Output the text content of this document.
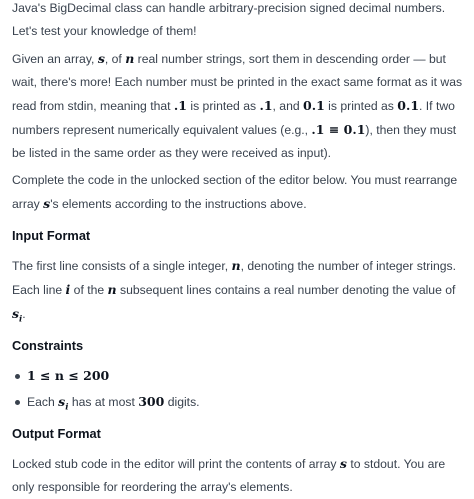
Java's BigDecimal class can handle arbitrary-precision signed decimal numbers. Let's test your knowledge of them!

Given an array, s, of n real number strings, sort them in descending order — but wait, there's more! Each number must be printed in the exact same format as it was read from stdin, meaning that .1 is printed as .1, and 0.1 is printed as 0.1. If two numbers represent numerically equivalent values (e.g., .1 ≡ 0.1), then they must be listed in the same order as they were received as input).

Complete the code in the unlocked section of the editor below. You must rearrange array s's elements according to the instructions above.

Input Format

The first line consists of a single integer, n, denoting the number of integer strings.
Each line i of the n subsequent lines contains a real number denoting the value of $s_i$.

Constraints
1 ≤ n ≤ 200
Each $s_i$ has at most 300 digits.
Output Format

Locked stub code in the editor will print the contents of array s to stdout. You are only responsible for reordering the array's elements.
